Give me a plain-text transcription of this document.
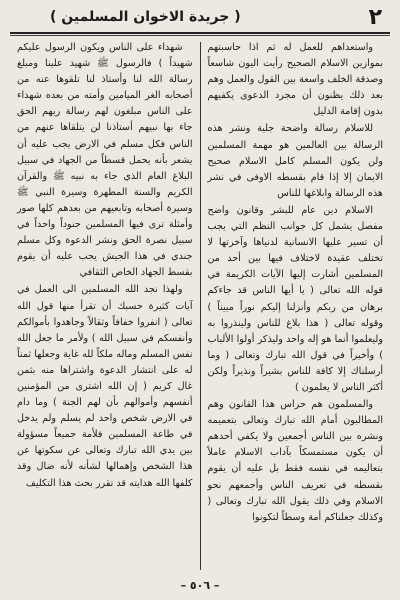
٢
( جريدة الاخوان المسلمين )

واستعداهم للعمل له ثم اذا حاسبتهم بموازين الاسلام الصحيح رأيت اليون شاسعاً وصدقة الخلف واسعة بين القول والعمل وهم بعد ذلك يظنون أن مجرد الدعوى يكفيهم بدون إقامة الدليل

للاسلام رسالة واضحة جلية ونشر هذه الرسالة بين العالمين هو مهمة المسلمين ولن يكون المسلم كامل الاسلام صحيح الايمان إلا إذا قام بقسطه الاوفى في نشر هذه الرسالة وابلاغها للناس

الاسلام دين عام للبشر وقانون واضح مفصل يشمل كل جوانب النظم التي يجب أن تسير عليها الانسانية لدنياها وآخرتها لا تختلف عقيدة لاختلاف فيها بين أحد من المسلمين أشارت إليها الآيات الكريمة في قوله الله تعالى ( يا أيها الناس قد جاءكم برهان من ربكم وأنزلنا إليكم نوراً مبيناً ) وقوله تعالى ( هذا بلاغ للناس ولينذروا به وليعلموا أنما هو إله واحد وليذكر أولوا الألباب ) وأخيراً في قول الله تبارك وتعالى ( وما أرسلناك إلا كافة للناس بشيراً ونذيراً ولكن أكثر الناس لا يعلمون )

والمسلمون هم حراس هذا القانون وهم المطالبون أمام الله تبارك وتعالى بتعميمه ونشره بين الناس أجمعين ولا يكفي أحدهم أن يكون مستمسكاً بآداب الاسلام عاملاً بتعاليمه في نفسه فقط بل عليه أن يقوم بقسطه في تعريف الناس وأجمعهم نحو الاسلام وفي ذلك يقول الله تبارك وتعالى ( وكذلك جعلناكم أمة وسطاً لتكونوا

شهداء على الناس ويكون الرسول عليكم شهيداً ) فالرسول ﷺ شهيد علينا ومبلغ رسالة الله لنا وأستاذ لنا تلقوها عنه من أصحابه الغر الميامين وأمته من بعده شهداء على الناس مبلغون لهم رسالة ربهم الحق جاء بها نبيهم أستاذنا لن يتلقاها عنهم من الناس فكل مسلم في الارض يجب عليه أن يشعر بأنه يحمل قسطاً من الجهاد في سبيل البلاغ العام الذي جاء به نبيه ﷺ والقرآن الكريم والسنة المطهرة وسيرة النبي ﷺ وسيرة أصحابه وتابعيهم من بعدهم كلها صور وأمثلة ترى فيها المسلمين جنوداً واحداً في سبيل نصرة الحق ونشر الدعوة وكل مسلم جندي في هذا الجيش يجب عليه أن يقوم بقسط الجهاد الخاص الثقافي

ولهذا نجد الله المسلمين الى العمل في آيات كثيرة حسبك أن تقرأ منها قول الله تعالى ( انفروا خفافاً وثقالاً وجاهدوا بأموالكم وأنفسكم في سبيل الله ) ولأمر ما جعل الله نفس المسلم وماله ملكاً لله غاية وجعلها ثمناً له على انتشار الدعوة واشتراها منه بثمن غال كريم ( إن الله اشترى من المؤمنين أنفسهم وأموالهم بأن لهم الجنة ) وما دام في الارض شخص واحد لم يسلم ولم يدخل في طاعة المسلمين فلأمة جميعاً مسؤولة بين يدي الله تبارك وتعالى عن سكوتها عن هذا الشخص وإهمالها لشأنه لأنه ضال وقد كلفها الله هدايته قد تقرر بحث هذا التكليف

– ٥٠٦ –
